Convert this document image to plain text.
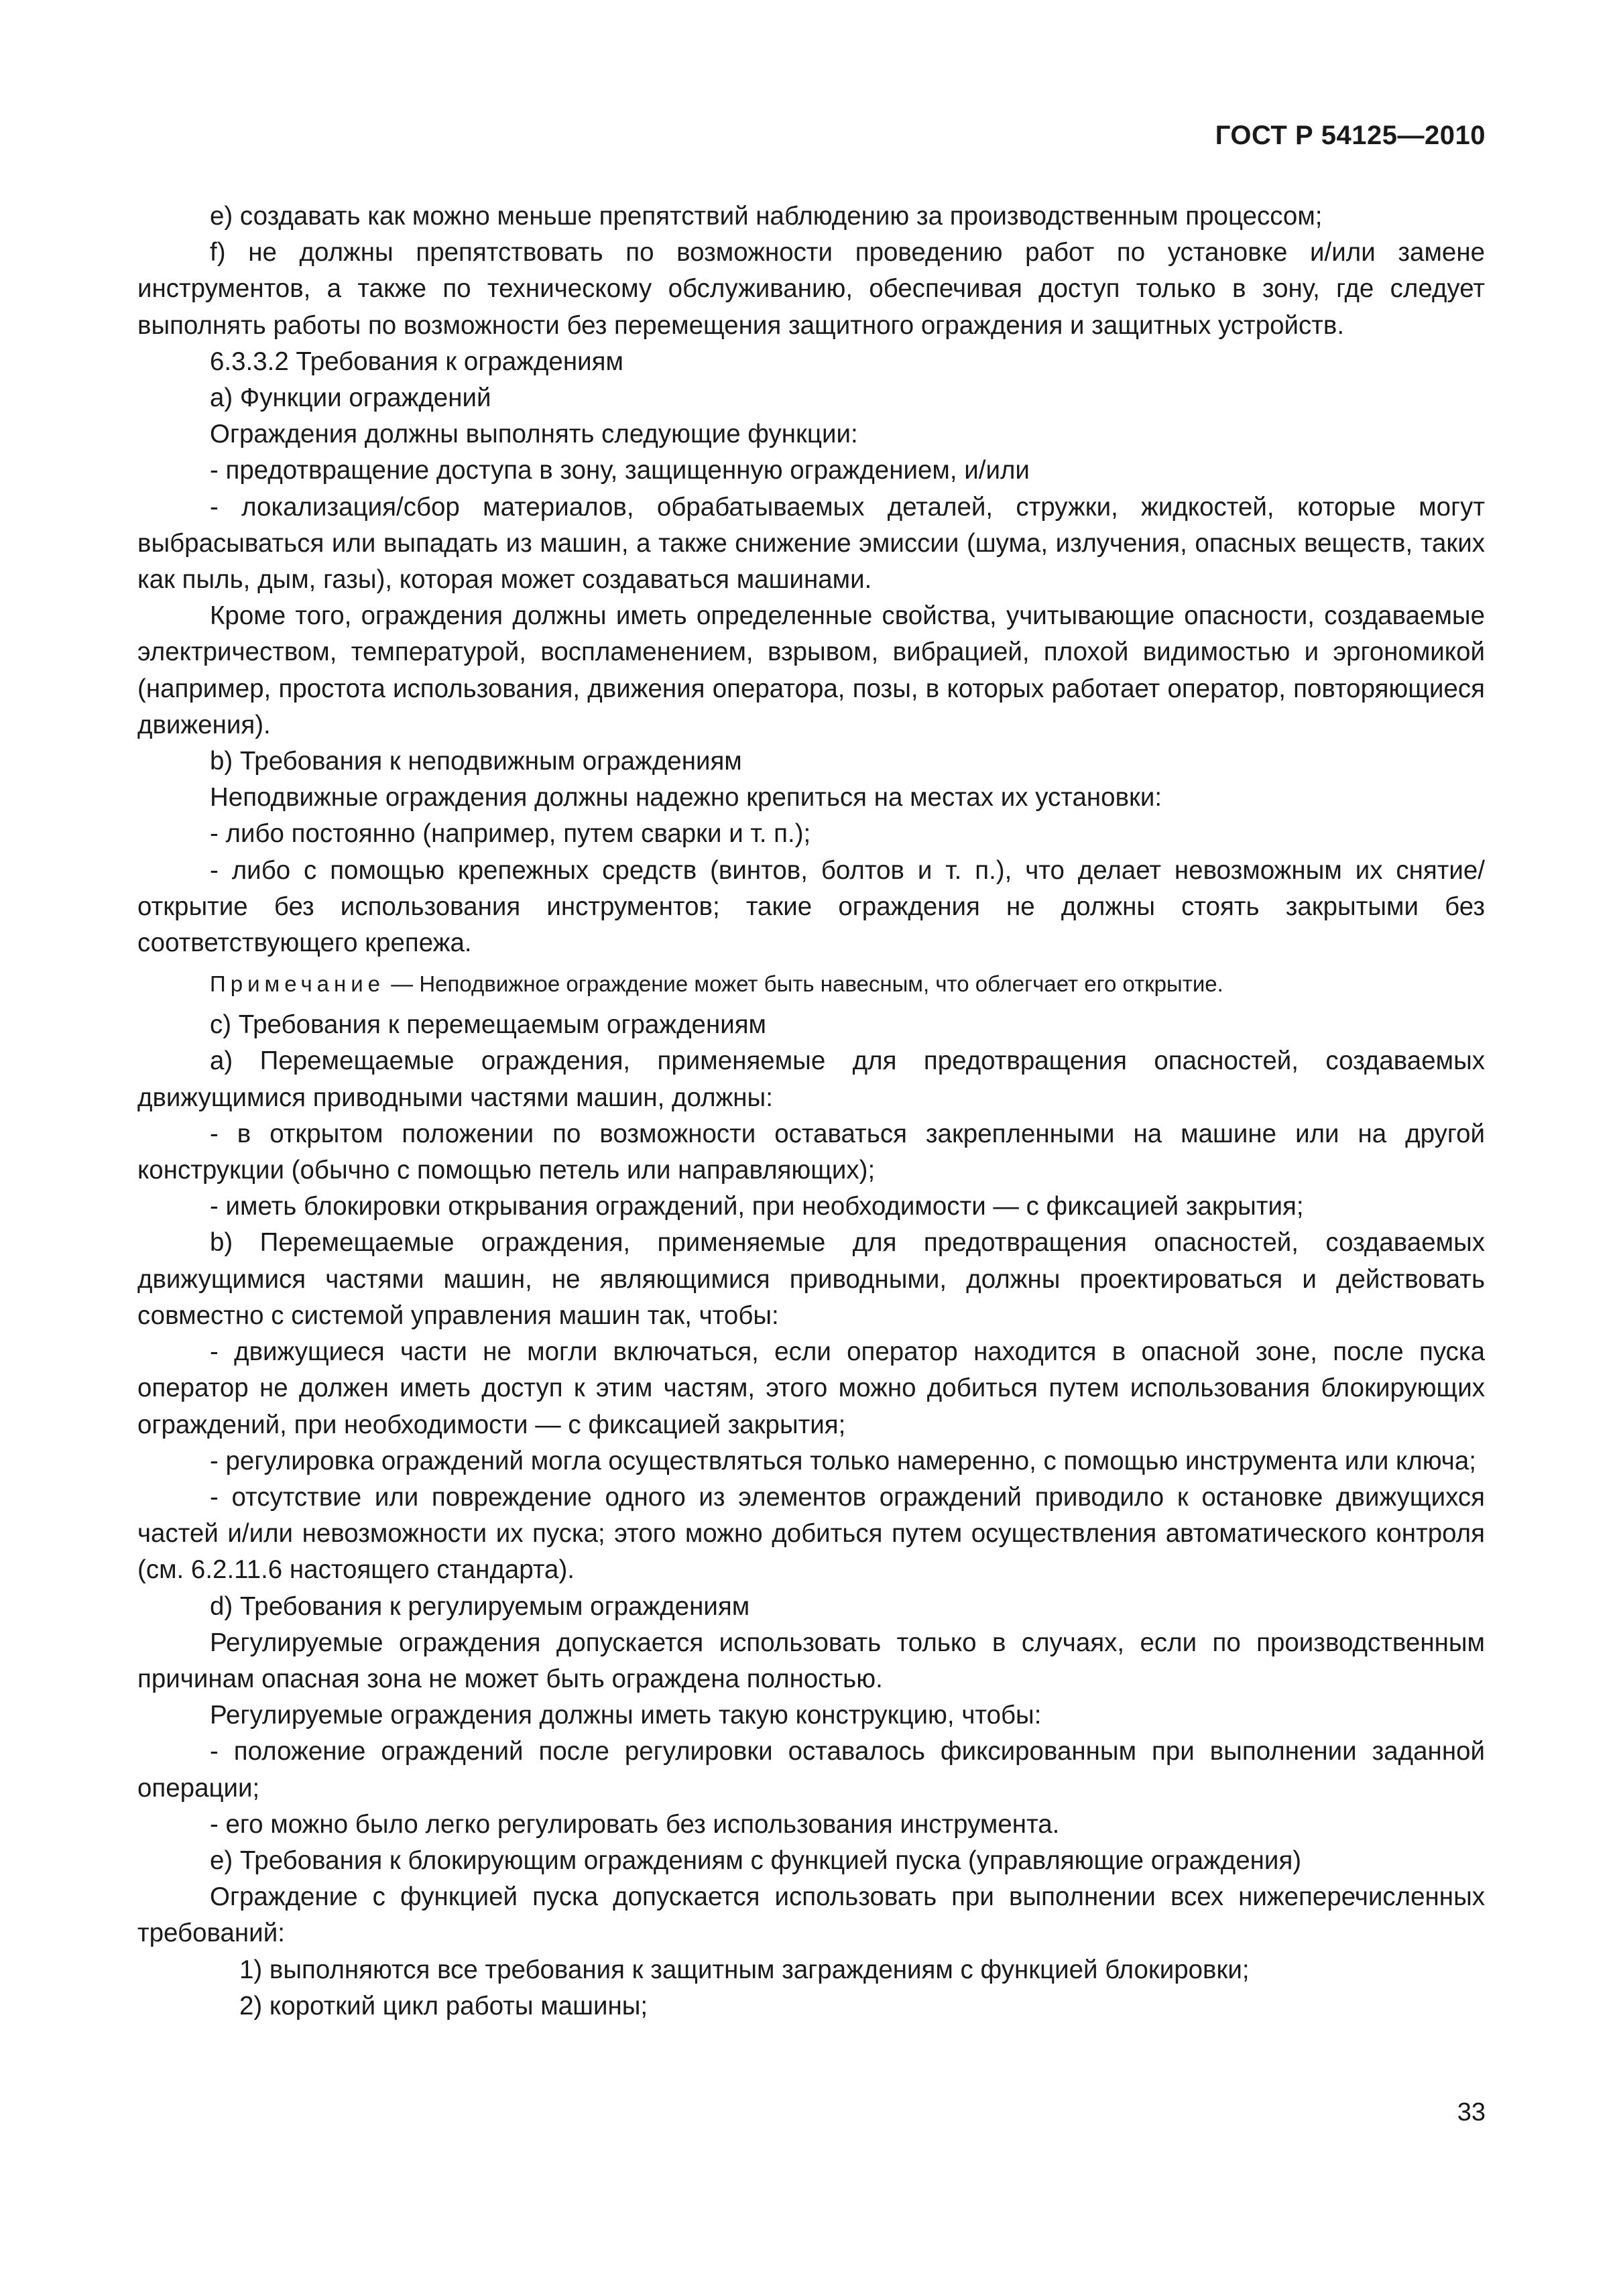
ГОСТ Р 54125—2010

е) создавать как можно меньше препятствий наблюдению за производственным процессом;

f) не должны препятствовать по возможности проведению работ по установке и/или замене инструментов, а также по техническому обслуживанию, обеспечивая доступ только в зону, где следует выполнять работы по возможности без перемещения защитного ограждения и защитных устройств.

6.3.3.2 Требования к ограждениям

а) Функции ограждений

Ограждения должны выполнять следующие функции:

- предотвращение доступа в зону, защищенную ограждением, и/или

- локализация/сбор материалов, обрабатываемых деталей, стружки, жидкостей, которые могут выбрасываться или выпадать из машин, а также снижение эмиссии (шума, излучения, опасных веществ, таких как пыль, дым, газы), которая может создаваться машинами.

Кроме того, ограждения должны иметь определенные свойства, учитывающие опасности, создаваемые электричеством, температурой, воспламенением, взрывом, вибрацией, плохой видимостью и эргономикой (например, простота использования, движения оператора, позы, в которых работает оператор, повторяющиеся движения).

b) Требования к неподвижным ограждениям

Неподвижные ограждения должны надежно крепиться на местах их установки:

- либо постоянно (например, путем сварки и т. п.);

- либо с помощью крепежных средств (винтов, болтов и т. п.), что делает невозможным их снятие/открытие без использования инструментов; такие ограждения не должны стоять закрытыми без соответствующего крепежа.

Примечание — Неподвижное ограждение может быть навесным, что облегчает его открытие.

с) Требования к перемещаемым ограждениям

а) Перемещаемые ограждения, применяемые для предотвращения опасностей, создаваемых движущимися приводными частями машин, должны:

- в открытом положении по возможности оставаться закрепленными на машине или на другой конструкции (обычно с помощью петель или направляющих);

- иметь блокировки открывания ограждений, при необходимости — с фиксацией закрытия;

b) Перемещаемые ограждения, применяемые для предотвращения опасностей, создаваемых движущимися частями машин, не являющимися приводными, должны проектироваться и действовать совместно с системой управления машин так, чтобы:

- движущиеся части не могли включаться, если оператор находится в опасной зоне, после пуска оператор не должен иметь доступ к этим частям, этого можно добиться путем использования блокирующих ограждений, при необходимости — с фиксацией закрытия;

- регулировка ограждений могла осуществляться только намеренно, с помощью инструмента или ключа;

- отсутствие или повреждение одного из элементов ограждений приводило к остановке движущихся частей и/или невозможности их пуска; этого можно добиться путем осуществления автоматического контроля (см. 6.2.11.6 настоящего стандарта).

d) Требования к регулируемым ограждениям

Регулируемые ограждения допускается использовать только в случаях, если по производственным причинам опасная зона не может быть ограждена полностью.

Регулируемые ограждения должны иметь такую конструкцию, чтобы:

- положение ограждений после регулировки оставалось фиксированным при выполнении заданной операции;

- его можно было легко регулировать без использования инструмента.

е) Требования к блокирующим ограждениям с функцией пуска (управляющие ограждения)

Ограждение с функцией пуска допускается использовать при выполнении всех нижеперечисленных требований:

1) выполняются все требования к защитным заграждениям с функцией блокировки;

2) короткий цикл работы машины;

33
